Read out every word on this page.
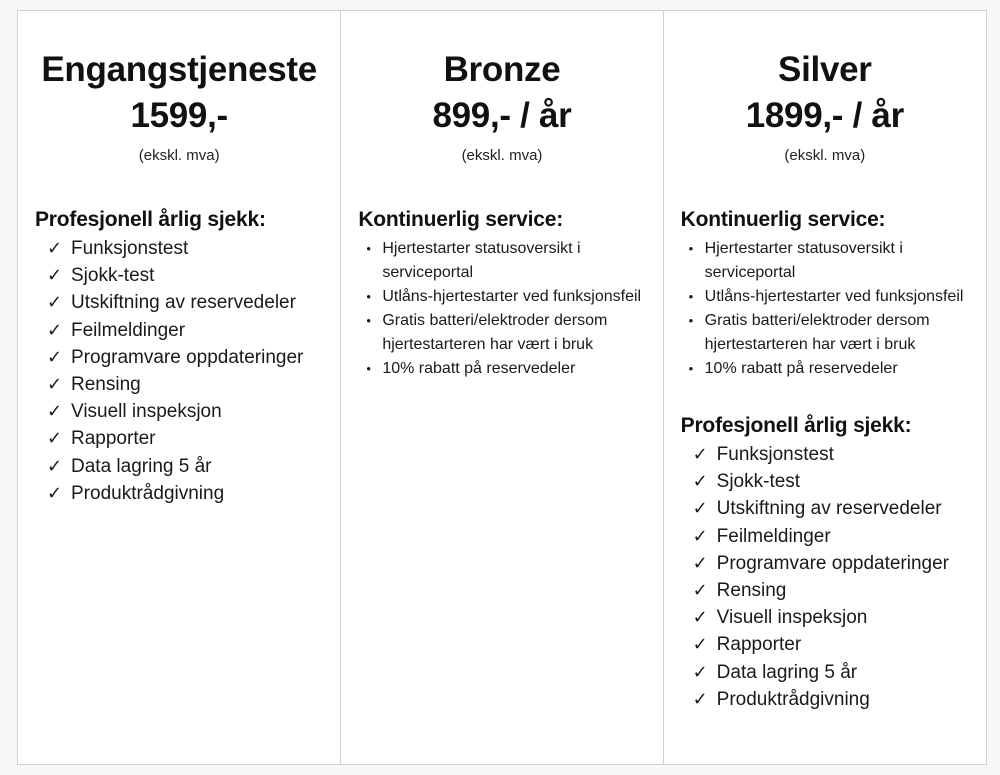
Engangstjeneste
1599,-
(ekskl. mva)
Profesjonell årlig sjekk:
✓ Funksjonstest
✓ Sjokk-test
✓ Utskiftning av reservedeler
✓ Feilmeldinger
✓ Programvare oppdateringer
✓ Rensing
✓ Visuell inspeksjon
✓ Rapporter
✓ Data lagring 5 år
✓ Produktrådgivning
Bronze
899,- / år
(ekskl. mva)
Kontinuerlig service:
• Hjertestarter statusoversikt i serviceportal
• Utlåns-hjertestarter ved funksjonsfeil
• Gratis batteri/elektroder dersom hjertestarteren har vært i bruk
• 10% rabatt på reservedeler
Silver
1899,- / år
(ekskl. mva)
Kontinuerlig service:
• Hjertestarter statusoversikt i serviceportal
• Utlåns-hjertestarter ved funksjonsfeil
• Gratis batteri/elektroder dersom hjertestarteren har vært i bruk
• 10% rabatt på reservedeler
Profesjonell årlig sjekk:
✓ Funksjonstest
✓ Sjokk-test
✓ Utskiftning av reservedeler
✓ Feilmeldinger
✓ Programvare oppdateringer
✓ Rensing
✓ Visuell inspeksjon
✓ Rapporter
✓ Data lagring 5 år
✓ Produktrådgivning
